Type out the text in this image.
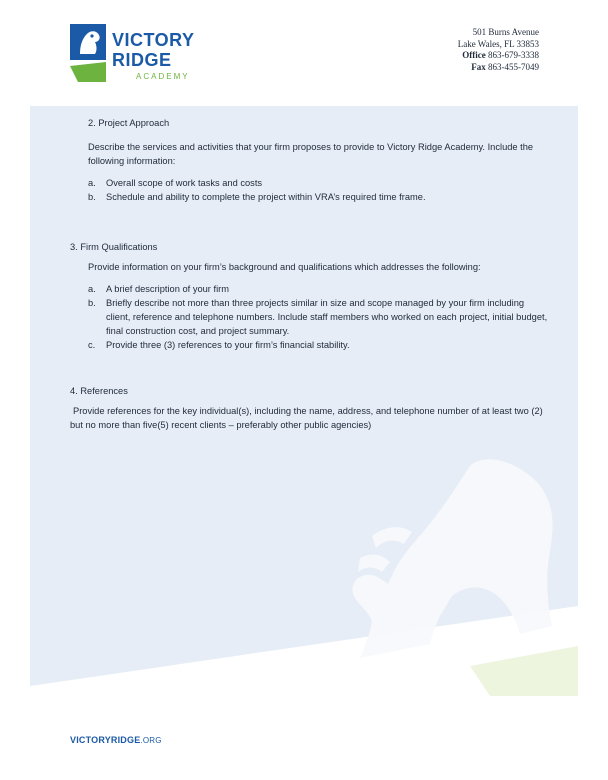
VICTORY
RIDGE
ACADEMY
501 Burns Avenue
Lake Wales, FL 33853
Office 863-679-3338
Fax 863-455-7049

2. Project Approach

Describe the services and activities that your firm proposes to provide to Victory Ridge Academy. Include the following information:

a. Overall scope of work tasks and costs
b. Schedule and ability to complete the project within VRA’s required time frame.

3. Firm Qualifications

Provide information on your firm’s background and qualifications which addresses the following:

a. A brief description of your firm
b. Briefly describe not more than three projects similar in size and scope managed by your firm including client, reference and telephone numbers. Include staff members who worked on each project, initial budget, final construction cost, and project summary.
c. Provide three (3) references to your firm’s financial stability.

4. References

Provide references for the key individual(s), including the name, address, and telephone number of at least two (2) but no more than five(5) recent clients – preferably other public agencies)

VICTORYRIDGE.ORG
